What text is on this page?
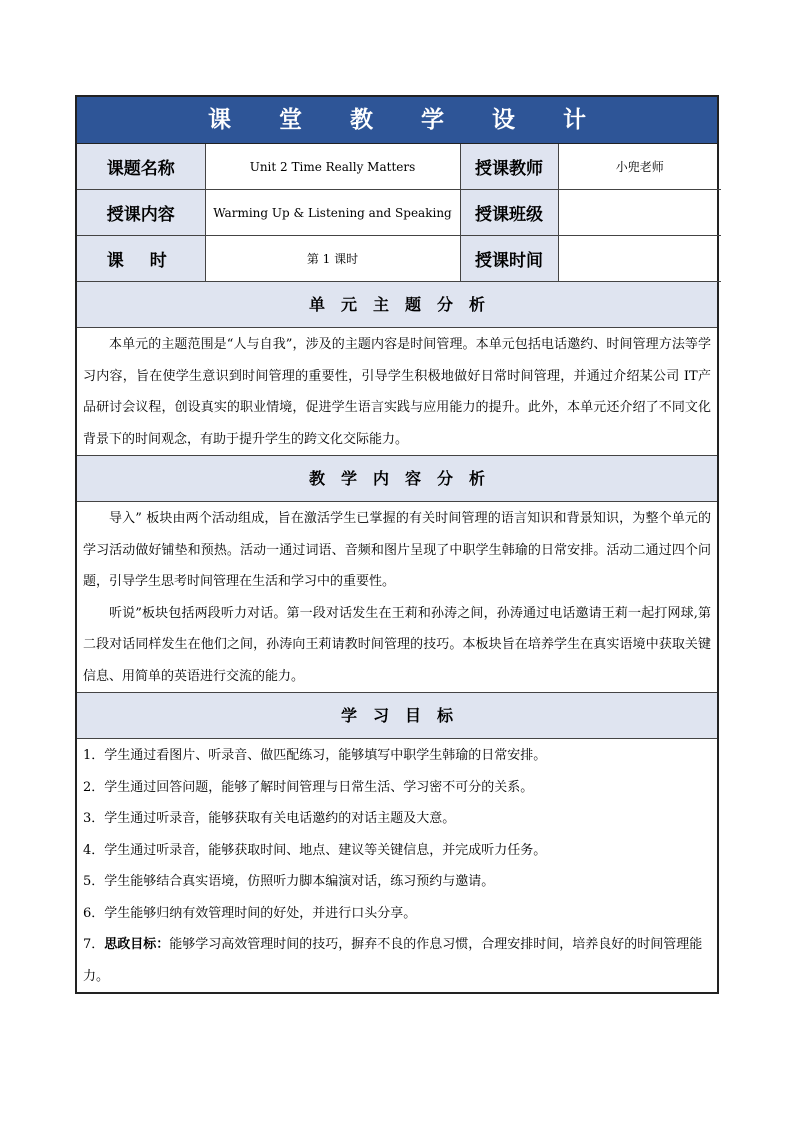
课 堂 教 学 设 计
课题名称	Unit 2 Time Really Matters	授课教师	小兜老师
授课内容	Warming Up & Listening and Speaking	授课班级	
课时	第 1 课时	授课时间	
单元主题分析

本单元的主题范围是“人与自我”，涉及的主题内容是时间管理。本单元包括电话邀约、时间管理方法等学习内容，旨在使学生意识到时间管理的重要性，引导学生积极地做好日常时间管理，并通过介绍某公司 IT产品研讨会议程，创设真实的职业情境，促进学生语言实践与应用能力的提升。此外，本单元还介绍了不同文化背景下的时间观念，有助于提升学生的跨文化交际能力。

教学内容分析

导入” 板块由两个活动组成，旨在激活学生已掌握的有关时间管理的语言知识和背景知识，为整个单元的学习活动做好铺垫和预热。活动一通过词语、音频和图片呈现了中职学生韩瑜的日常安排。活动二通过四个问题，引导学生思考时间管理在生活和学习中的重要性。

听说”板块包括两段听力对话。第一段对话发生在王莉和孙涛之间，孙涛通过电话邀请王莉一起打网球,第二段对话同样发生在他们之间，孙涛向王莉请教时间管理的技巧。本板块旨在培养学生在真实语境中获取关键信息、用简单的英语进行交流的能力。

学习目标
1．学生通过看图片、听录音、做匹配练习，能够填写中职学生韩瑜的日常安排。
2．学生通过回答问题，能够了解时间管理与日常生活、学习密不可分的关系。
3．学生通过听录音，能够获取有关电话邀约的对话主题及大意。
4．学生通过听录音，能够获取时间、地点、建议等关键信息，并完成听力任务。
5．学生能够结合真实语境，仿照听力脚本编演对话，练习预约与邀请。
6．学生能够归纳有效管理时间的好处，并进行口头分享。
7．思政目标：能够学习高效管理时间的技巧，摒弃不良的作息习惯，合理安排时间，培养良好的时间管理能力。
